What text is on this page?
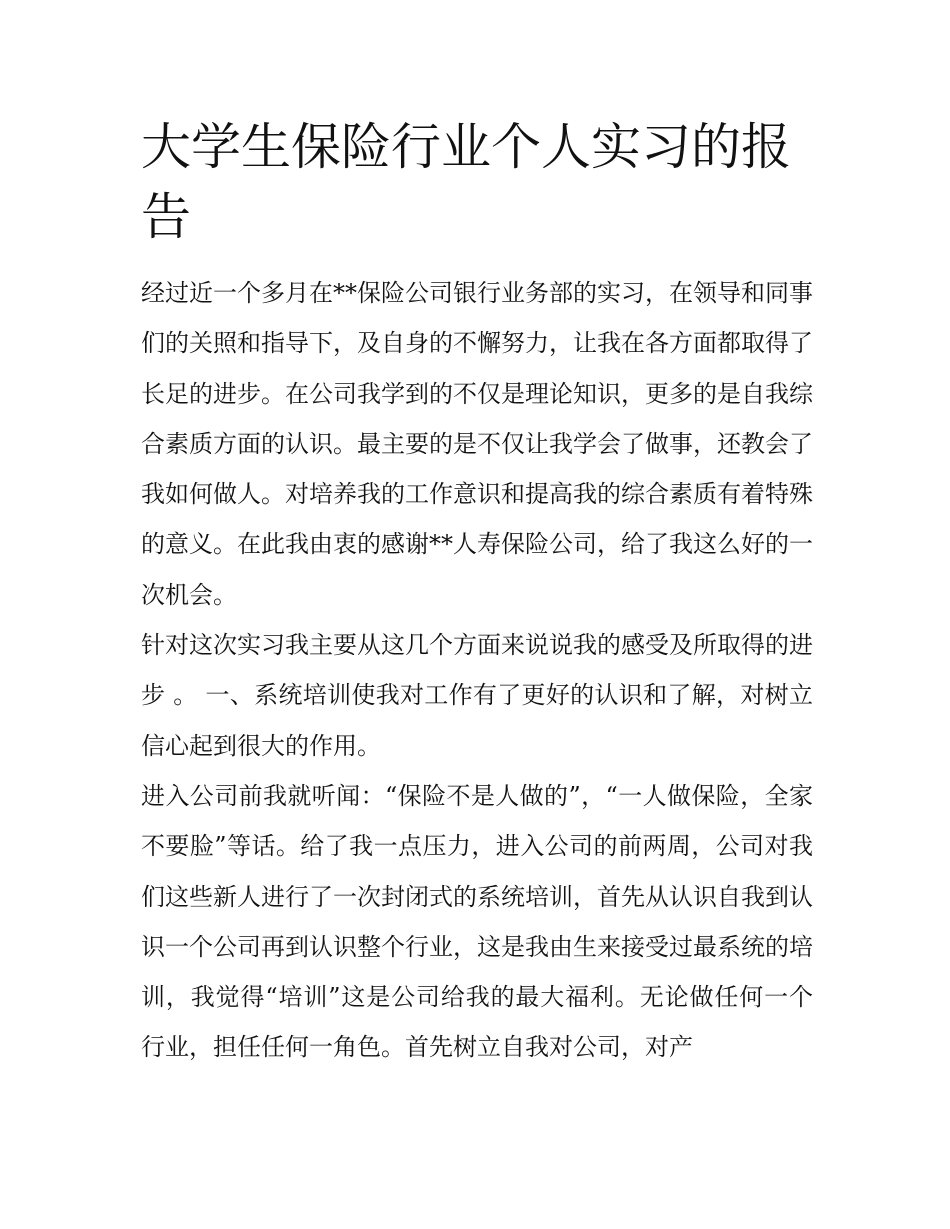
大学生保险行业个人实习的报告

经过近一个多月在**保险公司银行业务部的实习，在领导和同事们的关照和指导下，及自身的不懈努力，让我在各方面都取得了长足的进步。在公司我学到的不仅是理论知识，更多的是自我综合素质方面的认识。最主要的是不仅让我学会了做事，还教会了我如何做人。对培养我的工作意识和提高我的综合素质有着特殊的意义。在此我由衷的感谢**人寿保险公司，给了我这么好的一次机会。

针对这次实习我主要从这几个方面来说说我的感受及所取得的进步 。 一、系统培训使我对工作有了更好的认识和了解，对树立信心起到很大的作用。

进入公司前我就听闻：“保险不是人做的”，“一人做保险，全家不要脸”等话。给了我一点压力，进入公司的前两周，公司对我们这些新人进行了一次封闭式的系统培训，首先从认识自我到认识一个公司再到认识整个行业，这是我由生来接受过最系统的培训，我觉得“培训”这是公司给我的最大福利。无论做任何一个行业，担任任何一角色。首先树立自我对公司，对产
